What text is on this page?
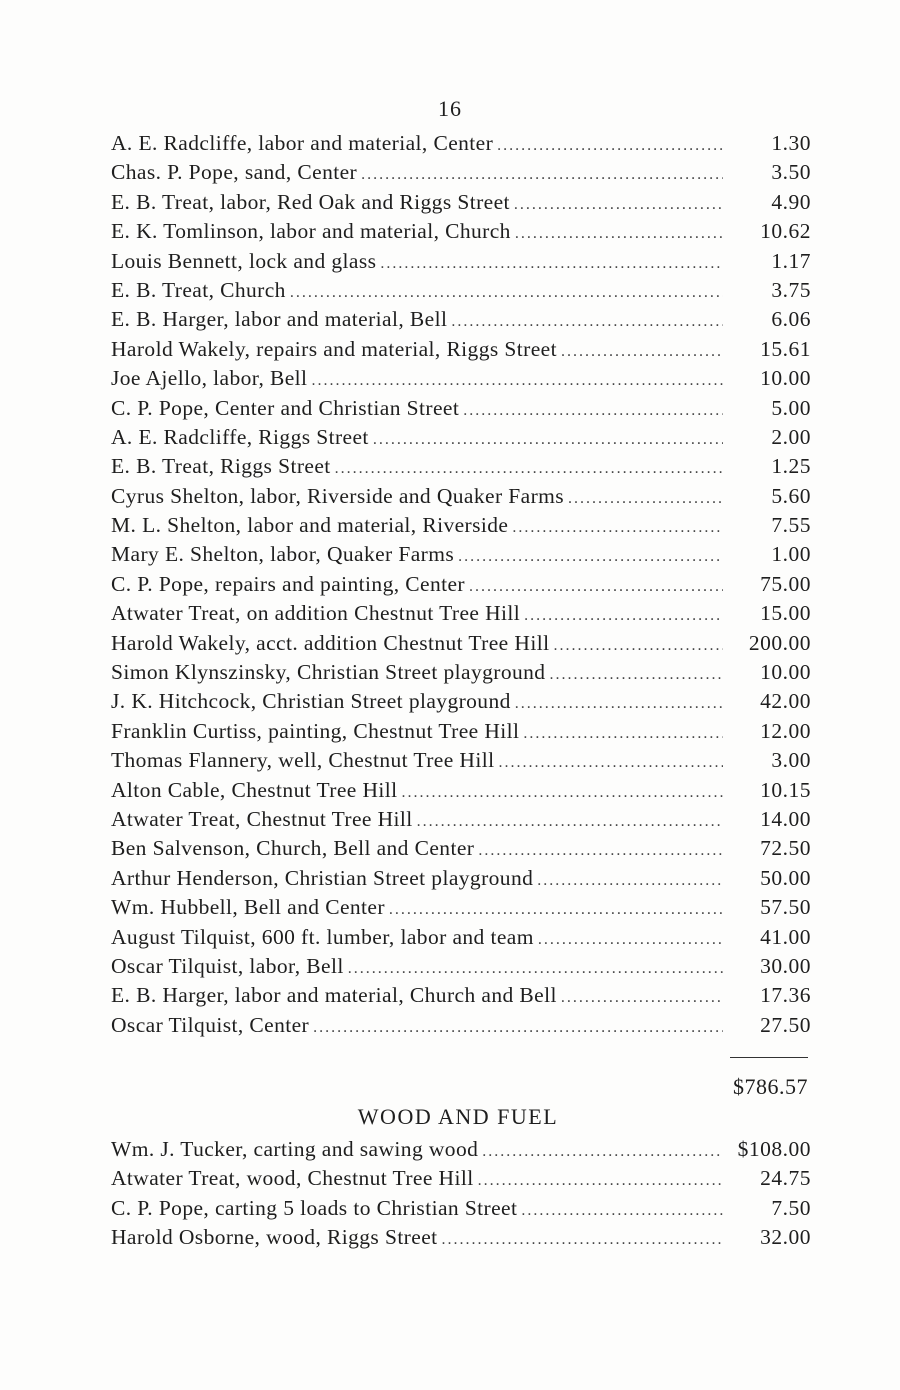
16
A. E. Radcliffe, labor and material, Center .....	1.30
Chas. P. Pope, sand, Center .....	3.50
E. B. Treat, labor, Red Oak and Riggs Street .....	4.90
E. K. Tomlinson, labor and material, Church .....	10.62
Louis Bennett, lock and glass .....	1.17
E. B. Treat, Church .....	3.75
E. B. Harger, labor and material, Bell .....	6.06
Harold Wakely, repairs and material, Riggs Street .....	15.61
Joe Ajello, labor, Bell .....	10.00
C. P. Pope, Center and Christian Street .....	5.00
A. E. Radcliffe, Riggs Street .....	2.00
E. B. Treat, Riggs Street .....	1.25
Cyrus Shelton, labor, Riverside and Quaker Farms .....	5.60
M. L. Shelton, labor and material, Riverside .....	7.55
Mary E. Shelton, labor, Quaker Farms .....	1.00
C. P. Pope, repairs and painting, Center .....	75.00
Atwater Treat, on addition Chestnut Tree Hill .....	15.00
Harold Wakely, acct. addition Chestnut Tree Hill .....	200.00
Simon Klynszinsky, Christian Street playground .....	10.00
J. K. Hitchcock, Christian Street playground .....	42.00
Franklin Curtiss, painting, Chestnut Tree Hill .....	12.00
Thomas Flannery, well, Chestnut Tree Hill .....	3.00
Alton Cable, Chestnut Tree Hill .....	10.15
Atwater Treat, Chestnut Tree Hill .....	14.00
Ben Salvenson, Church, Bell and Center .....	72.50
Arthur Henderson, Christian Street playground .....	50.00
Wm. Hubbell, Bell and Center .....	57.50
August Tilquist, 600 ft. lumber, labor and team .....	41.00
Oscar Tilquist, labor, Bell .....	30.00
E. B. Harger, labor and material, Church and Bell .....	17.36
Oscar Tilquist, Center .....	27.50
$786.57
WOOD AND FUEL
Wm. J. Tucker, carting and sawing wood .....	$108.00
Atwater Treat, wood, Chestnut Tree Hill .....	24.75
C. P. Pope, carting 5 loads to Christian Street .....	7.50
Harold Osborne, wood, Riggs Street .....	32.00
